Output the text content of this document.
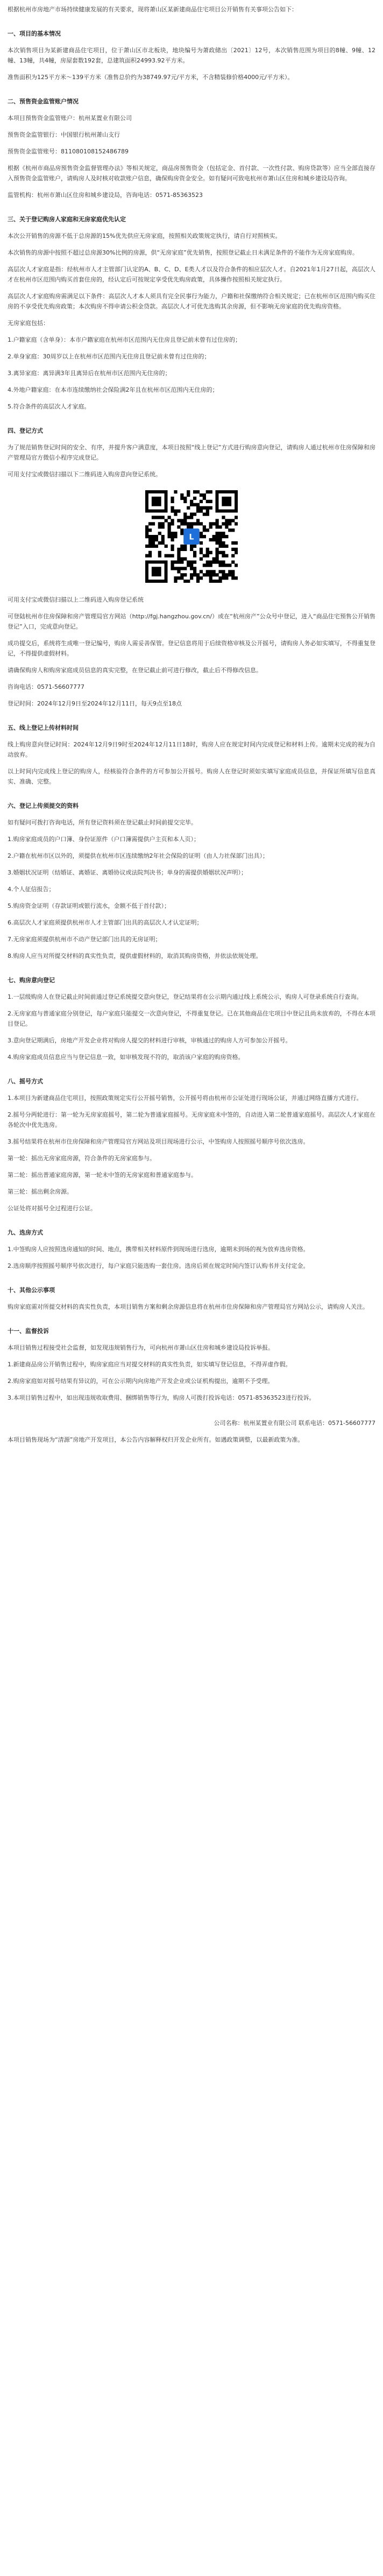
根据杭州市房地产市场持续健康发展的有关要求，现将萧山区某新建商品住宅项目公开销售有关事项公告如下：

一、项目的基本情况

本次销售项目为某新建商品住宅项目，位于萧山区市北板块，地块编号为萧政储出〔2021〕12号，本次销售范围为项目的8幢、9幢、12幢、13幢，共4幢，房屋套数192套，总建筑面积24993.92平方米。

准售面积为125平方米～139平方米（准售总价约为38749.97元/平方米，不含精装修价格4000元/平方米）。

二、预售资金监管账户情况

本项目预售资金监管账户：杭州某置业有限公司

预售资金监管银行：中国银行杭州萧山支行

预售资金监管账号：811080108152486789

根据《杭州市商品房预售资金监督管理办法》等相关规定，商品房预售资金（包括定金、首付款、一次性付款、购房贷款等）应当全部直接存入预售资金监管账户，请购房人及时核对收款账户信息，确保购房资金安全。如有疑问可致电杭州市萧山区住房和城乡建设局咨询。

监管机构：杭州市萧山区住房和城乡建设局，咨询电话：0571-85363523

三、关于登记购房人家庭和无房家庭优先认定

本次公开销售的房源不低于总房源的15%优先供应无房家庭，按照相关政策规定执行，请自行对照核实。

本次销售的房源中按照不超过总房源30%比例的房源，供“无房家庭”优先销售，按照登记截止日未满足条件的不能作为无房家庭购房。

高层次人才家庭是指：经杭州市人才主管部门认定的A、B、C、D、E类人才以及符合条件的相应层次人才。自2021年1月27日起，高层次人才在杭州市区范围内购买首套住房的，经认定后可按规定享受优先购房政策，具体操作按照相关规定执行。

高层次人才家庭购房需满足以下条件：高层次人才本人须具有完全民事行为能力，户籍和社保缴纳符合相关规定；已在杭州市区范围内购买住房的不享受优先购房政策；本次购房不得申请公积金贷款。高层次人才可优先选购其余房源，但不影响无房家庭的优先购房资格。

无房家庭包括：

1.户籍家庭（含单身）：本市户籍家庭在杭州市区范围内无住房且登记前未曾有过住房的；

2.单身家庭：30周岁以上在杭州市区范围内无住房且登记前未曾有过住房的；

3.离异家庭：离异满3年且离异后在杭州市区范围内无住房的；

4.外地户籍家庭：在本市连续缴纳社会保险满2年且在杭州市区范围内无住房的；

5.符合条件的高层次人才家庭。

四、登记方式

为了规范销售登记时间的安全、有序，并提升客户满意度，本项目按照“线上登记”方式进行购房意向登记，请购房人通过杭州市住房保障和房产管理局官方微信小程序完成登记。

可用支付宝或微信扫描以下二维码进入购房意向登记系统。

L

可用支付宝或微信扫描以上二维码进入购房登记系统

可登陆杭州市住房保障和房产管理局官方网站（http://fgj.hangzhou.gov.cn/）或在“杭州房产”公众号中登记，进入“商品住宅预售公开销售登记”入口，完成意向登记。

成功提交后，系统将生成唯一登记编号，购房人需妥善保管。登记信息将用于后续资格审核及公开摇号，请购房人务必如实填写，不得重复登记，不得提供虚假材料。

请确保购房人和购房家庭成员信息的真实完整，在登记截止前可进行修改，截止后不得修改信息。

咨询电话：0571-56607777

登记时间：2024年12月9日至2024年12月11日，每天9点至18点

五、线上登记上传材料时间

线上购房意向登记时间：2024年12月9日9时至2024年12月11日18时，购房人应在规定时间内完成登记和材料上传。逾期未完成的视为自动放弃。

以上时间内完成线上登记的购房人，经核验符合条件的方可参加公开摇号。购房人在登记时须如实填写家庭成员信息，并保证所填写信息真实、准确、完整。

六、登记上传须提交的资料

如有疑问可拨打咨询电话，所有登记资料须在登记截止时间前提交完毕。

1.购房家庭成员的户口簿、身份证原件（户口簿需提供户主页和本人页）；

2.户籍在杭州市区以外的，须提供在杭州市区连续缴纳2年社会保险的证明（由人力社保部门出具）；

3.婚姻状况证明（结婚证、离婚证、离婚协议或法院判决书；单身的需提供婚姻状况声明）；

4.个人征信报告；

5.购房资金证明（存款证明或银行流水，金额不低于首付款）；

6.高层次人才家庭须提供杭州市人才主管部门出具的高层次人才认定证明；

7.无房家庭须提供杭州市不动产登记部门出具的无房证明；

8.购房人应当对所提交材料的真实性负责，提供虚假材料的，取消其购房资格，并依法依规处理。

七、购房意向登记

1.一层级购房人在登记截止时间前通过登记系统提交意向登记，登记结果将在公示期内通过线上系统公示，购房人可登录系统自行查询。

2.无房家庭与普通家庭分别登记，每户家庭只能提交一次意向登记，不得重复登记。已在其他商品住宅项目中登记且尚未放弃的，不得在本项目登记。

3.意向登记期满后，房地产开发企业将对购房人提交的材料进行审核，审核通过的购房人方可参加公开摇号。

4.购房家庭成员信息应当与登记信息一致，如审核发现不符的，取消该户家庭的购房资格。

八、摇号方式

1.本项目为新建商品住宅项目，按照政策规定实行公开摇号销售，公开摇号将由杭州市公证处进行现场公证，并通过网络直播方式进行。

2.摇号分两轮进行：第一轮为无房家庭摇号，第二轮为普通家庭摇号。无房家庭未中签的，自动进入第二轮普通家庭摇号。高层次人才家庭在各轮次中优先选房。

3.摇号结果将在杭州市住房保障和房产管理局官方网站及项目现场进行公示，中签购房人按照摇号顺序号依次选房。

第一轮：摇出无房家庭房源，符合条件的无房家庭参与。

第二轮：摇出普通家庭房源，第一轮未中签的无房家庭和普通家庭参与。

第三轮：摇出剩余房源。

公证处将对摇号全过程进行公证。

九、选房方式

1.中签购房人应按照选房通知的时间、地点，携带相关材料原件到现场进行选房，逾期未到场的视为放弃选房资格。

2.选房顺序按照摇号顺序号依次进行，每户家庭只能选购一套住房。选房后须在规定时间内签订认购书并支付定金。

十、其他公示事项

购房家庭需对所提交材料的真实性负责，本项目销售方案和剩余房源信息将在杭州市住房保障和房产管理局官方网站公示，请购房人关注。

十一、监督投诉

本项目销售过程接受社会监督，如发现违规销售行为，可向杭州市萧山区住房和城乡建设局投诉举报。

1.新建商品房公开销售过程中，购房家庭应当对提交材料的真实性负责，如实填写登记信息，不得弄虚作假。

2.购房家庭如对摇号结果有异议的，可在公示期内向房地产开发企业或公证机构提出，逾期不予受理。

3.本项目销售过程中，如出现违规收取费用、捆绑销售等行为，购房人可拨打投诉电话：0571-85363523进行投诉。

公司名称：杭州某置业有限公司 联系电话：0571-56607777

本项目销售现场为“清源”房地产开发项目，本公告内容解释权归开发企业所有。如遇政策调整，以最新政策为准。
